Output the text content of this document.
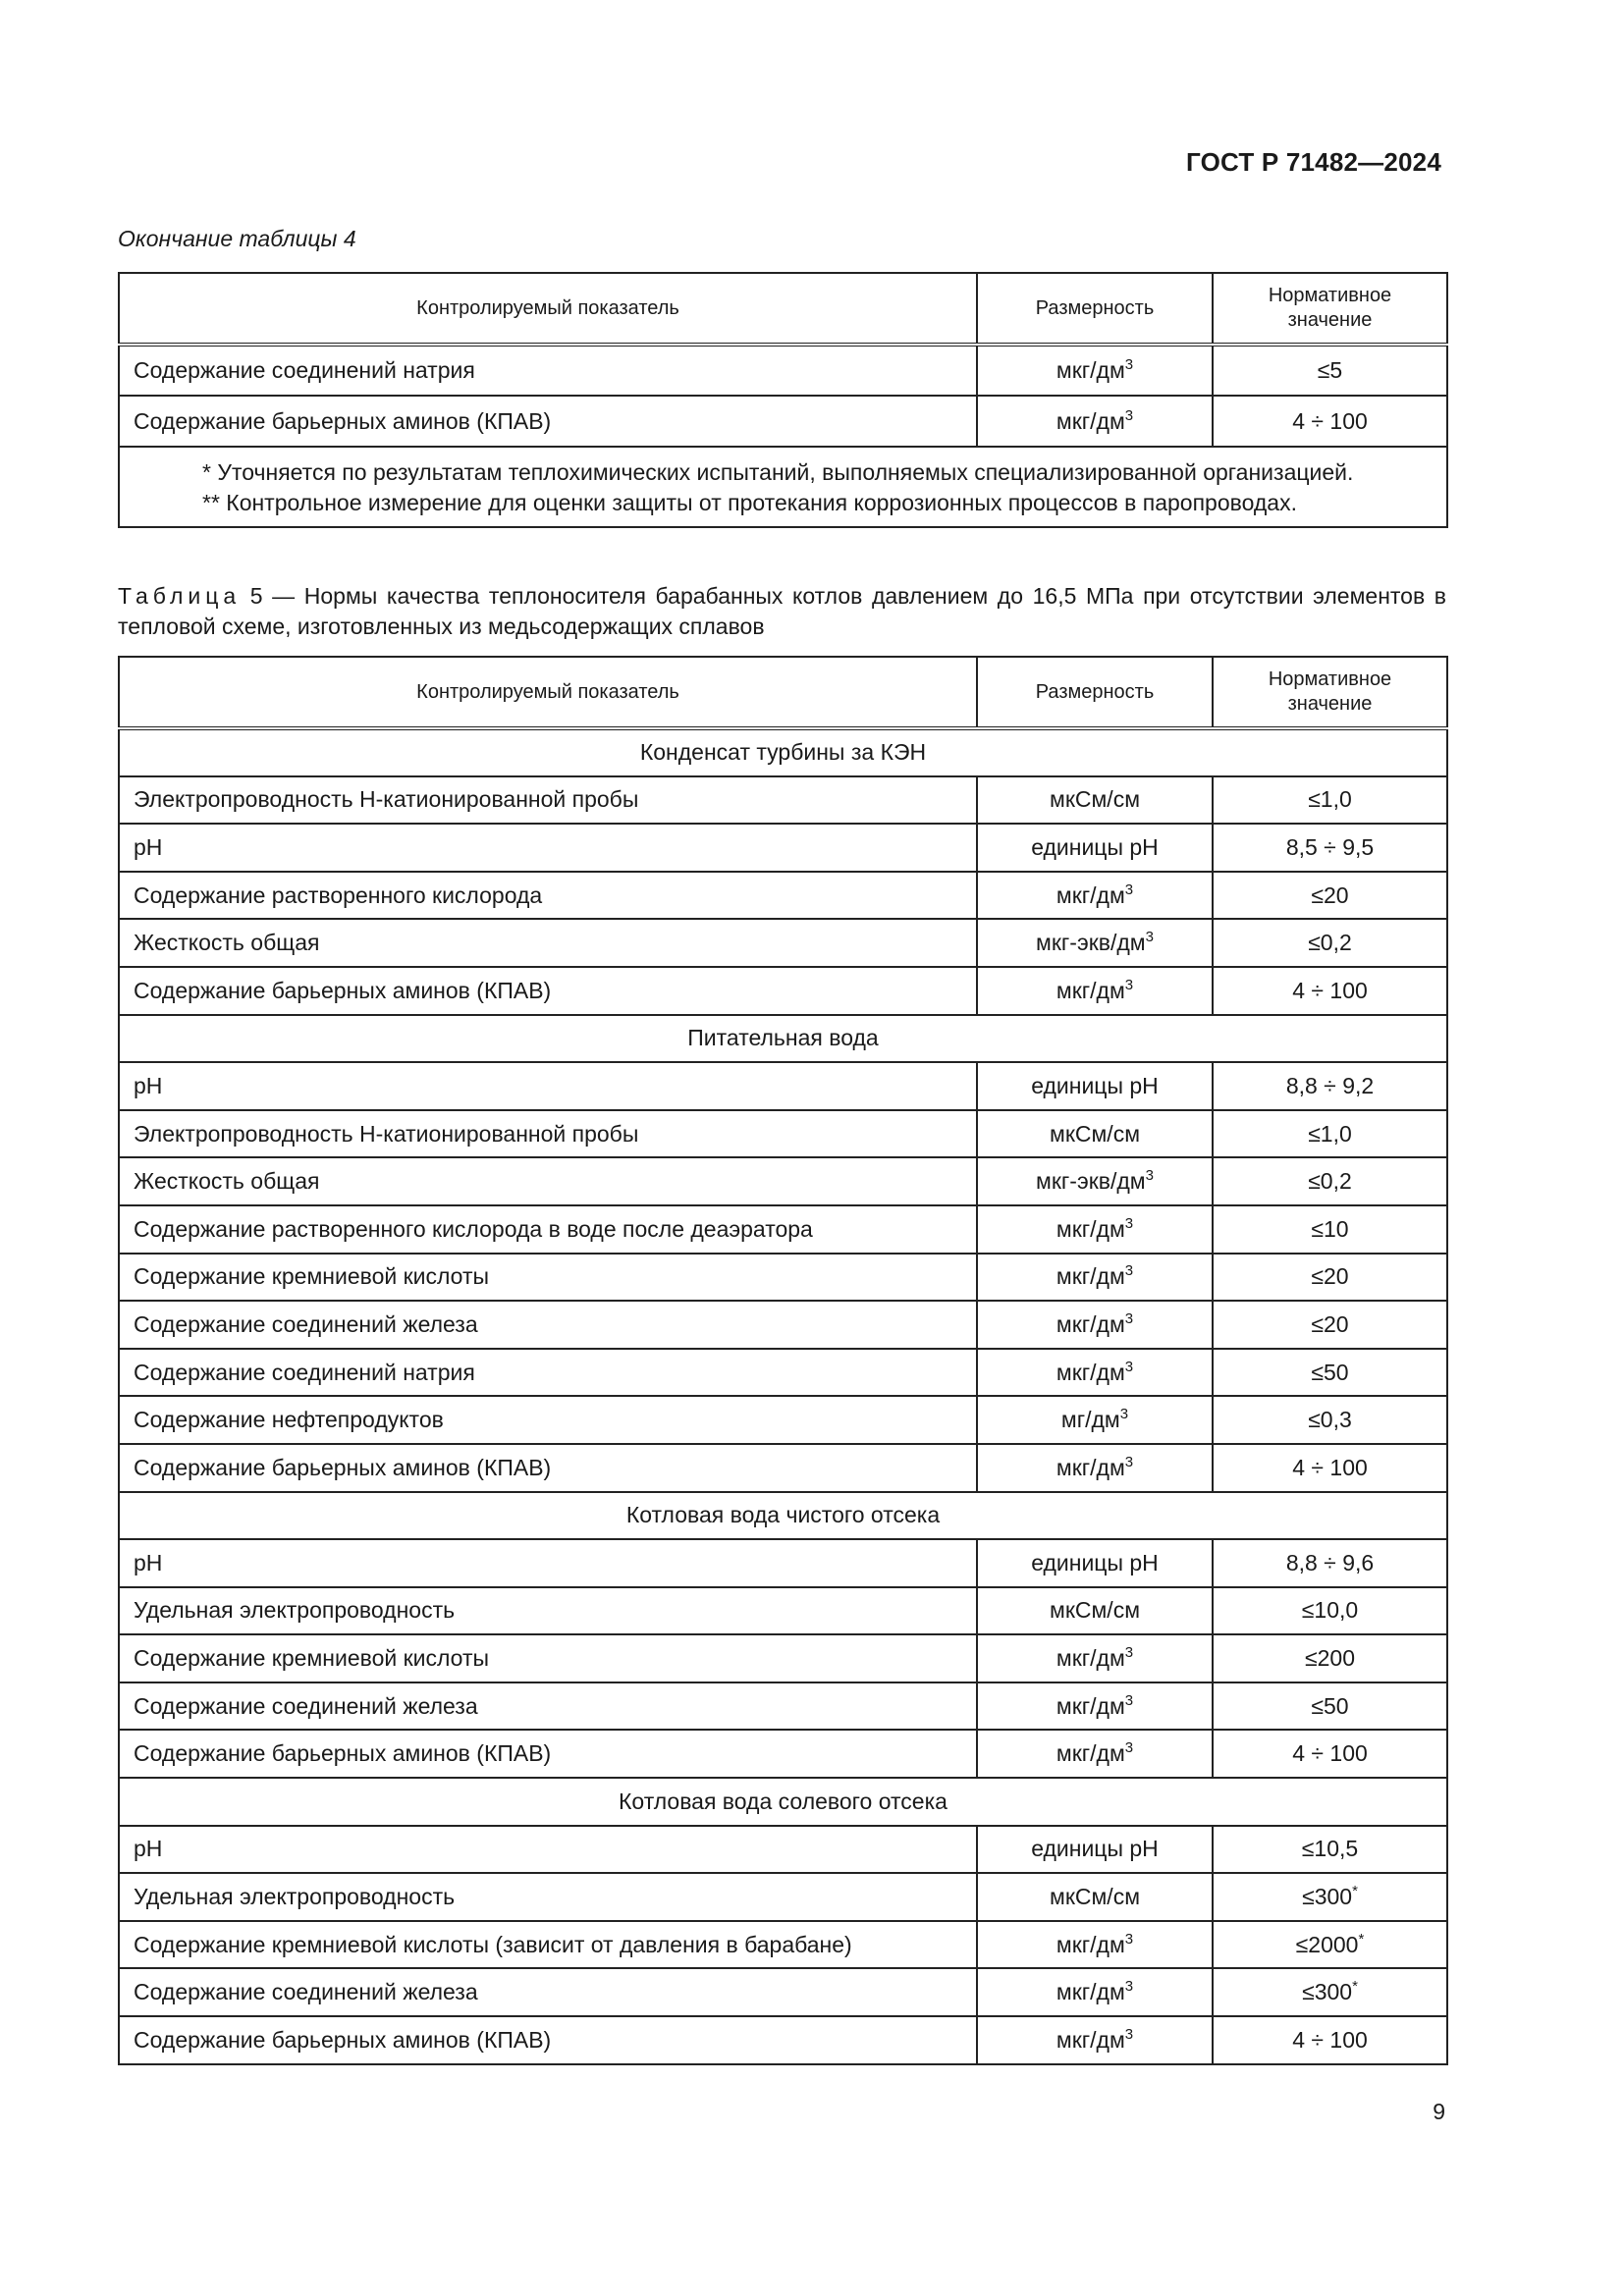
ГОСТ Р 71482—2024
Окончание таблицы 4
Контролируемый показатель	Размерность	Нормативное значение
Содержание соединений натрия	мкг/$дм^3$	≤5
Содержание барьерных аминов (КПАВ)	мкг/$дм^3$	4 ÷ 100

* Уточняется по результатам теплохимических испытаний, выполняемых специализированной организацией.

** Контрольное измерение для оценки защиты от протекания коррозионных процессов в паропроводах.		

Таблица 5 — Нормы качества теплоносителя барабанных котлов давлением до 16,5 МПа при отсутствии элементов в тепловой схеме, изготовленных из медьсодержащих сплавов
Контролируемый показатель	Размерность	Нормативное значение
Конденсат турбины за КЭН		
Электропроводность H-катионированной пробы	мкСм/см	≤1,0
pH	единицы pH	8,5 ÷ 9,5
Содержание растворенного кислорода	мкг/$дм^3$	≤20
Жесткость общая	мкг-$экв/дм^3$	≤0,2
Содержание барьерных аминов (КПАВ)	мкг/$дм^3$	4 ÷ 100
Питательная вода		
pH	единицы pH	8,8 ÷ 9,2
Электропроводность H-катионированной пробы	мкСм/см	≤1,0
Жесткость общая	мкг-$экв/дм^3$	≤0,2
Содержание растворенного кислорода в воде после деаэратора	мкг/$дм^3$	≤10
Содержание кремниевой кислоты	мкг/$дм^3$	≤20
Содержание соединений железа	мкг/$дм^3$	≤20
Содержание соединений натрия	мкг/$дм^3$	≤50
Содержание нефтепродуктов	$мг/дм^3$	≤0,3
Содержание барьерных аминов (КПАВ)	мкг/$дм^3$	4 ÷ 100
Котловая вода чистого отсека		
pH	единицы pH	8,8 ÷ 9,6
Удельная электропроводность	мкСм/см	≤10,0
Содержание кремниевой кислоты	мкг/$дм^3$	≤200
Содержание соединений железа	мкг/$дм^3$	≤50
Содержание барьерных аминов (КПАВ)	мкг/$дм^3$	4 ÷ 100
Котловая вода солевого отсека		
pH	единицы pH	≤10,5
Удельная электропроводность	мкСм/см	≤300*
Содержание кремниевой кислоты (зависит от давления в барабане)	мкг/$дм^3$	≤2000*
Содержание соединений железа	мкг/$дм^3$	≤300*
Содержание барьерных аминов (КПАВ)	мкг/$дм^3$	4 ÷ 100
9
